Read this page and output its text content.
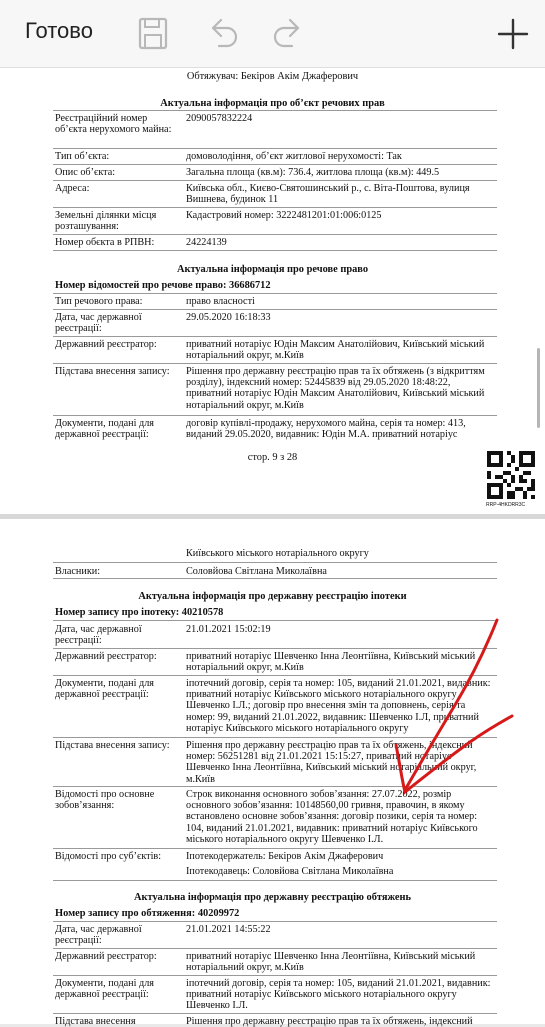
Готово
Обтяжувач: Бекіров Акім Джаферович
Актуальна інформація про об’єкт речових прав
Реєстраційний номер об’єкта нерухомого майна:
2090057832224
Тип об’єкта:	домоволодіння, об’єкт житлової нерухомості: Так
Опис об’єкта:	Загальна площа (кв.м): 736.4, житлова площа (кв.м): 449.5
Адреса:	Київська обл., Києво-Святошинський р., с. Віта-Поштова, вулиця Вишнева, будинок 11
Земельні ділянки місця розташування:
Кадастровий номер: 3222481201:01:006:0125
Номер обєкта в РПВН:	24224139
Актуальна інформація про речове право
Номер відомостей про речове право: 36686712
Тип речового права:	право власності
Дата, час державної реєстрації:
29.05.2020 16:18:33
Державний реєстратор:	приватний нотаріус Юдін Максим Анатолійович, Київський міський нотаріальний округ, м.Київ
Підстава внесення запису:	Рішення про державну реєстрацію прав та їх обтяжень (з відкриттям розділу), індексний номер: 52445839 від 29.05.2020 18:48:22, приватний нотаріус Юдін Максим Анатолійович, Київський міський нотаріальний округ, м.Київ
Документи, подані для державної реєстрації:
договір купівлі-продажу, нерухомого майна, серія та номер: 413, виданий 29.05.2020, видавник: Юдін М.А. приватний нотаріус
стор. 9 з 28
RRP-4HKDRR3C
Київського міського нотаріального округу
Власники:	Соловйова Світлана Миколаївна
Актуальна інформація про державну реєстрацію іпотеки
Номер запису про іпотеку: 40210578
Дата, час державної реєстрації:
21.01.2021 15:02:19
Державний реєстратор:	приватний нотаріус Шевченко Інна Леонтіївна, Київський міський нотаріальний округ, м.Київ
Документи, подані для державної реєстрації:
іпотечний договір, серія та номер: 105, виданий 21.01.2021, видавник: приватний нотаріус Київського міського нотаріального округу Шевченко І.Л.; договір про внесення змін та доповнень, серія та номер: 99, виданий 21.01.2022, видавник: Шевченко І.Л, приватний нотаріус Київського міського нотаріального округу
Підстава внесення запису:	Рішення про державну реєстрацію прав та їх обтяжень, індексний номер: 56251281 від 21.01.2021 15:15:27, приватний нотаріус Шевченко Інна Леонтіївна, Київський міський нотаріальний округ, м.Київ
Відомості про основне зобов’язання:
Строк виконання основного зобов’язання: 27.07.2022, розмір основного зобов’язання: 10148560,00 гривня, правочин, в якому встановлено основне зобов’язання: договір позики, серія та номер: 104, виданий 21.01.2021, видавник: приватний нотаріус Київського міського нотаріального округу Шевченко І.Л.
Відомості про суб’єктів:	Іпотекодержатель: Бекіров Акім Джаферович
Іпотекодавець: Соловйова Світлана Миколаївна
Актуальна інформація про державну реєстрацію обтяжень
Номер запису про обтяження: 40209972
Дата, час державної реєстрації:
21.01.2021 14:55:22
Державний реєстратор:	приватний нотаріус Шевченко Інна Леонтіївна, Київський міський нотаріальний округ, м.Київ
Документи, подані для державної реєстрації:
іпотечний договір, серія та номер: 105, виданий 21.01.2021, видавник: приватний нотаріус Київського міського нотаріального округу Шевченко І.Л.
Підстава внесення	Рішення про державну реєстрацію прав та їх обтяжень, індексний
